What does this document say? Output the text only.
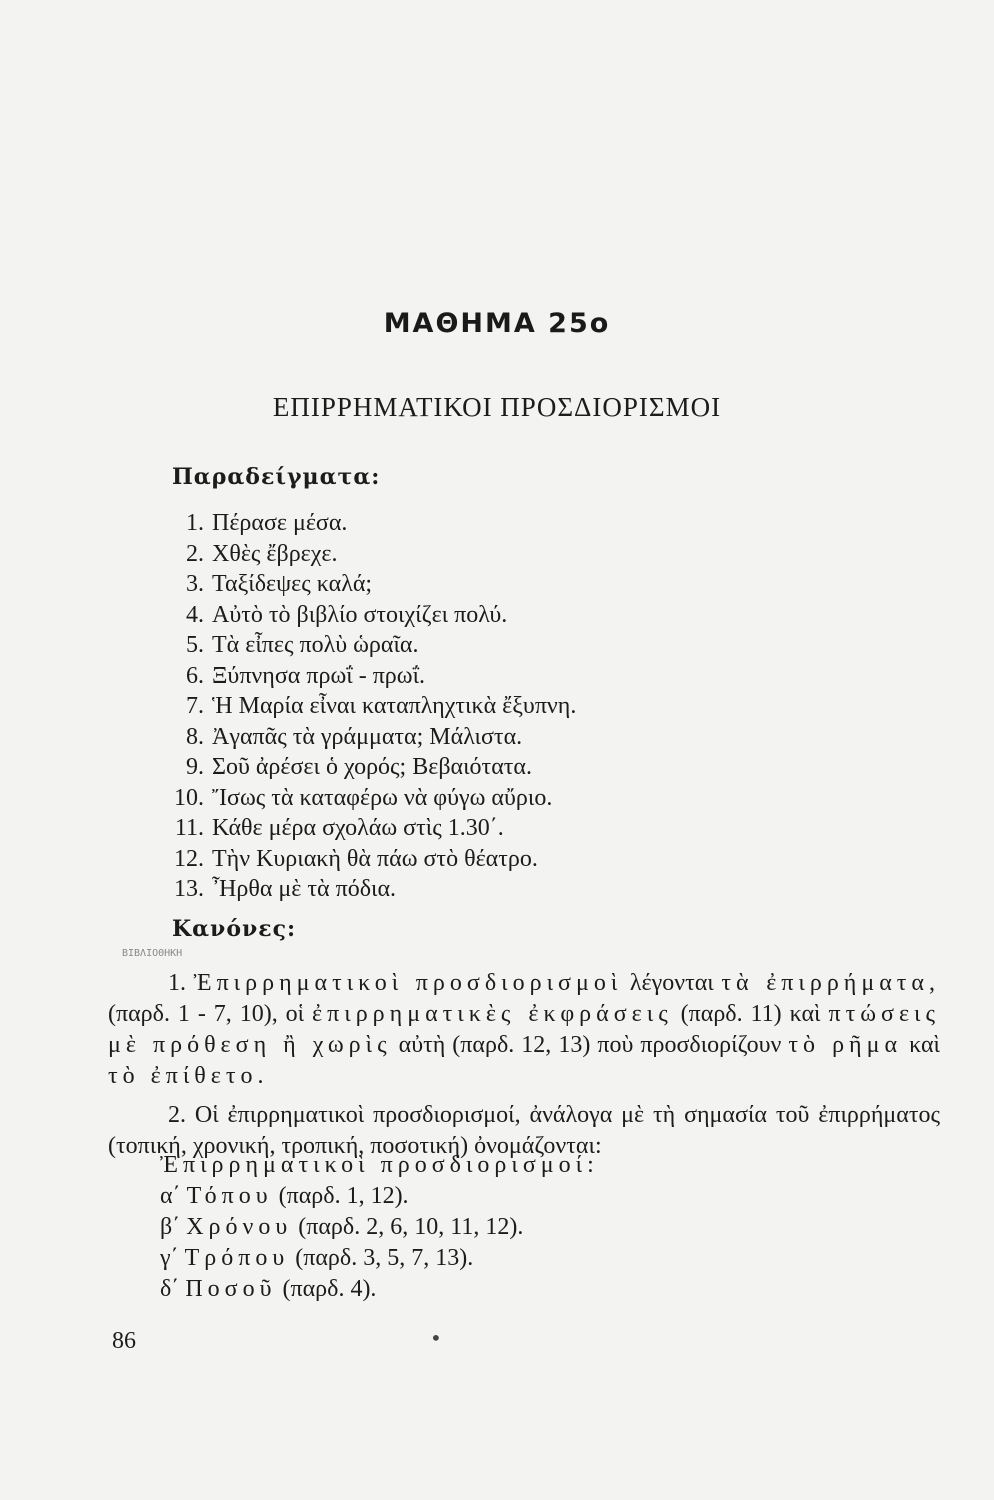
ΜΑΘΗΜΑ 25ο
ΕΠΙΡΡΗΜΑΤΙΚΟΙ ΠΡΟΣΔΙΟΡΙΣΜΟΙ
Παραδείγματα:
1. Πέρασε μέσα.
2. Χθὲς ἔβρεχε.
3. Ταξίδεψες καλά;
4. Αὐτὸ τὸ βιβλίο στοιχίζει πολύ.
5. Τὰ εἶπες πολὺ ὡραῖα.
6. Ξύπνησα πρωΐ - πρωΐ.
7. Ἡ Μαρία εἶναι καταπληχτικὰ ἔξυπνη.
8. Ἀγαπᾶς τὰ γράμματα; Μάλιστα.
9. Σοῦ ἀρέσει ὁ χορός; Βεβαιότατα.
10. Ἴσως τὰ καταφέρω νὰ φύγω αὔριο.
11. Κάθε μέρα σχολάω στὶς 1.30΄.
12. Τὴν Κυριακὴ θὰ πάω στὸ θέατρο.
13. Ἦρθα μὲ τὰ πόδια.
Κανόνες:
ΒΙΒΛΙΟΘΗΚΗ

1. Ἐπιρρηματικοὶ προσδιορισμοὶ λέγονται τὰ ἐπιρρήματα, (παρδ. 1 - 7, 10), οἱ ἐπιρρηματικὲς ἐκφράσεις (παρδ. 11) καὶ πτώσεις μὲ πρόθεση ἢ χωρὶς αὐτὴ (παρδ. 12, 13) ποὺ προσδιορίζουν τὸ ρῆμα καὶ τὸ ἐπίθετο.

2. Οἱ ἐπιρρηματικοὶ προσδιορισμοί, ἀνάλογα μὲ τὴ σημασία τοῦ ἐπιρρήματος (τοπική, χρονική, τροπική, ποσοτική) ὀνομάζονται:

Ἐπιρρηματικοὶ προσδιορισμοί:
α΄ Τόπου (παρδ. 1, 12).
β΄ Χρόνου (παρδ. 2, 6, 10, 11, 12).
γ΄ Τρόπου (παρδ. 3, 5, 7, 13).
δ΄ Ποσοῦ (παρδ. 4).
86	•
